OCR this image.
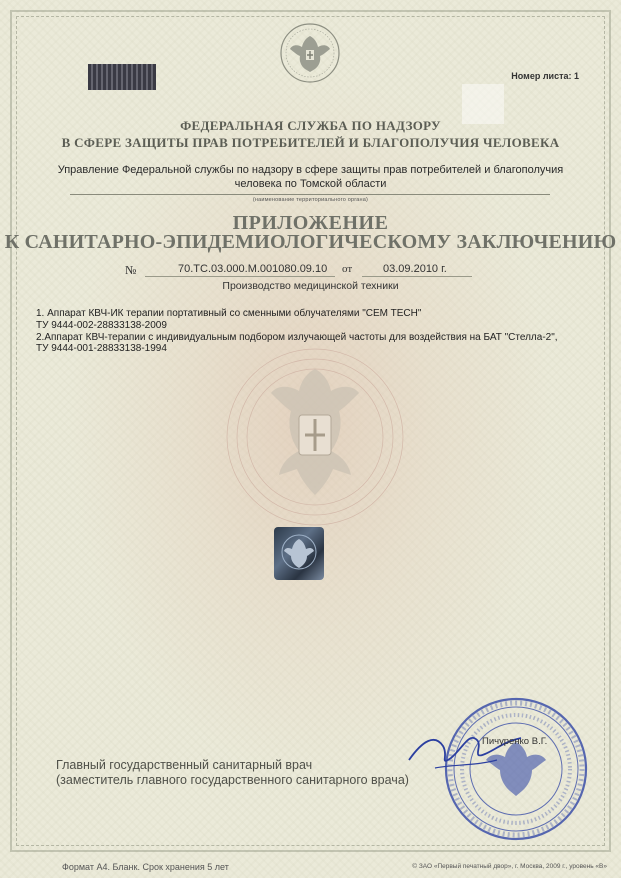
Номер листа: 1
ФЕДЕРАЛЬНАЯ СЛУЖБА ПО НАДЗОРУ
В СФЕРЕ ЗАЩИТЫ ПРАВ ПОТРЕБИТЕЛЕЙ И БЛАГОПОЛУЧИЯ ЧЕЛОВЕКА
Управление Федеральной службы по надзору в сфере защиты прав потребителей и благополучия
человека по Томской области
(наименование территориального органа)
ПРИЛОЖЕНИЕ
К САНИТАРНО-ЭПИДЕМИОЛОГИЧЕСКОМУ ЗАКЛЮЧЕНИЮ
№	70.ТС.03.000.М.001080.09.10 от	03.09.2010 г.
Производство медицинской техники
1. Аппарат КВЧ-ИК терапии портативный со сменными облучателями "CEM TECH"
ТУ 9444-002-28833138-2009
2.Аппарат КВЧ-терапии с индивидуальным подбором излучающей частоты для воздействия на БАТ "Стелла-2",
ТУ 9444-001-28833138-1994
Главный государственный санитарный врач
(заместитель главного государственного санитарного врача)
Пичуренко В.Г.
Формат А4. Бланк. Срок хранения 5 лет	© ЗАО «Первый печатный двор», г. Москва, 2009 г., уровень «В»
